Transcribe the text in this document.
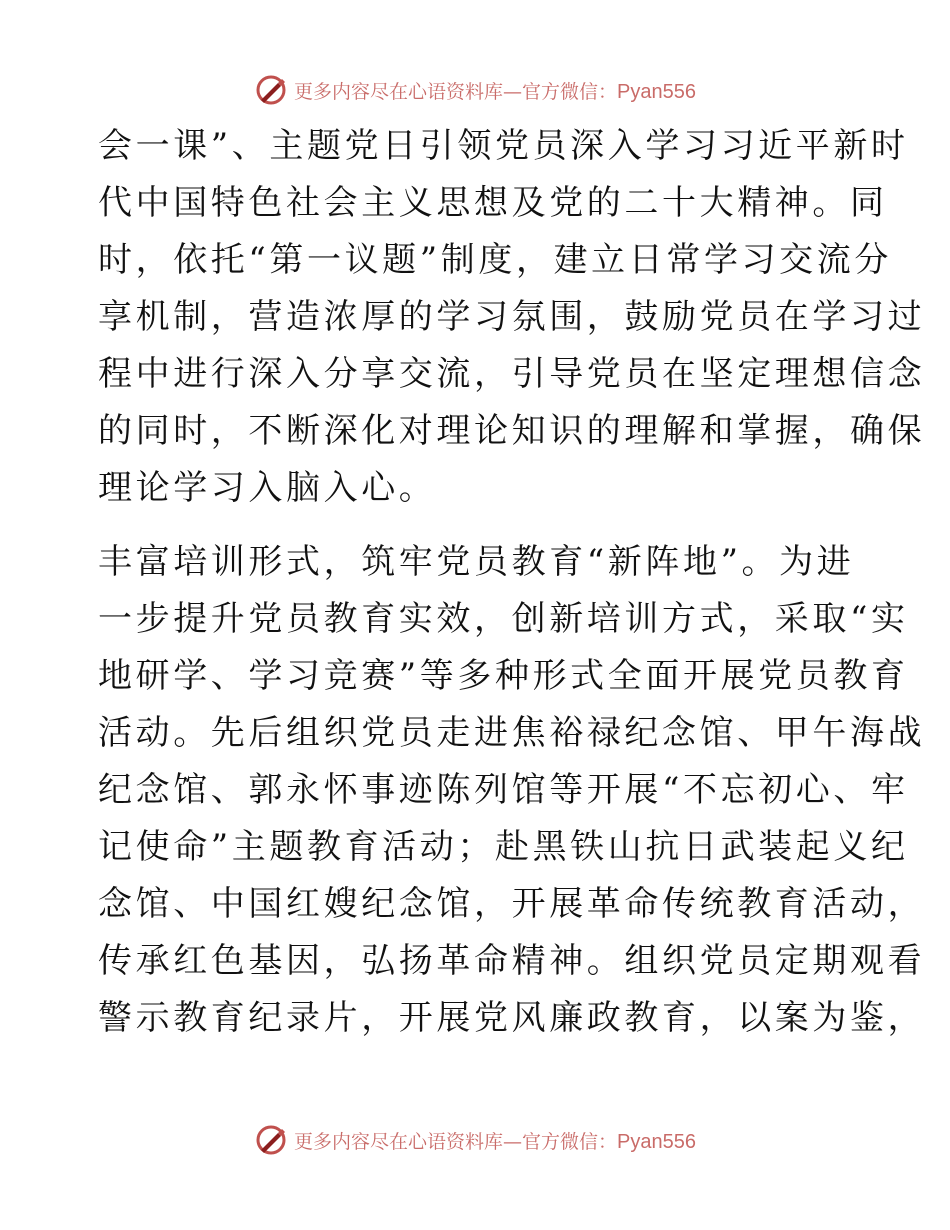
更多内容尽在心语资料库—官方微信：Pyan556
会一课”、主题党日引领党员深入学习习近平新时
代中国特色社会主义思想及党的二十大精神。同
时，依托“第一议题”制度，建立日常学习交流分
享机制，营造浓厚的学习氛围，鼓励党员在学习过
程中进行深入分享交流，引导党员在坚定理想信念
的同时，不断深化对理论知识的理解和掌握，确保
理论学习入脑入心。
丰富培训形式，筑牢党员教育“新阵地”。为进
一步提升党员教育实效，创新培训方式，采取“实
地研学、学习竞赛”等多种形式全面开展党员教育
活动。先后组织党员走进焦裕禄纪念馆、甲午海战
纪念馆、郭永怀事迹陈列馆等开展“不忘初心、牢
记使命”主题教育活动；赴黑铁山抗日武装起义纪
念馆、中国红嫂纪念馆，开展革命传统教育活动，
传承红色基因，弘扬革命精神。组织党员定期观看
警示教育纪录片，开展党风廉政教育，以案为鉴，
更多内容尽在心语资料库—官方微信：Pyan556
